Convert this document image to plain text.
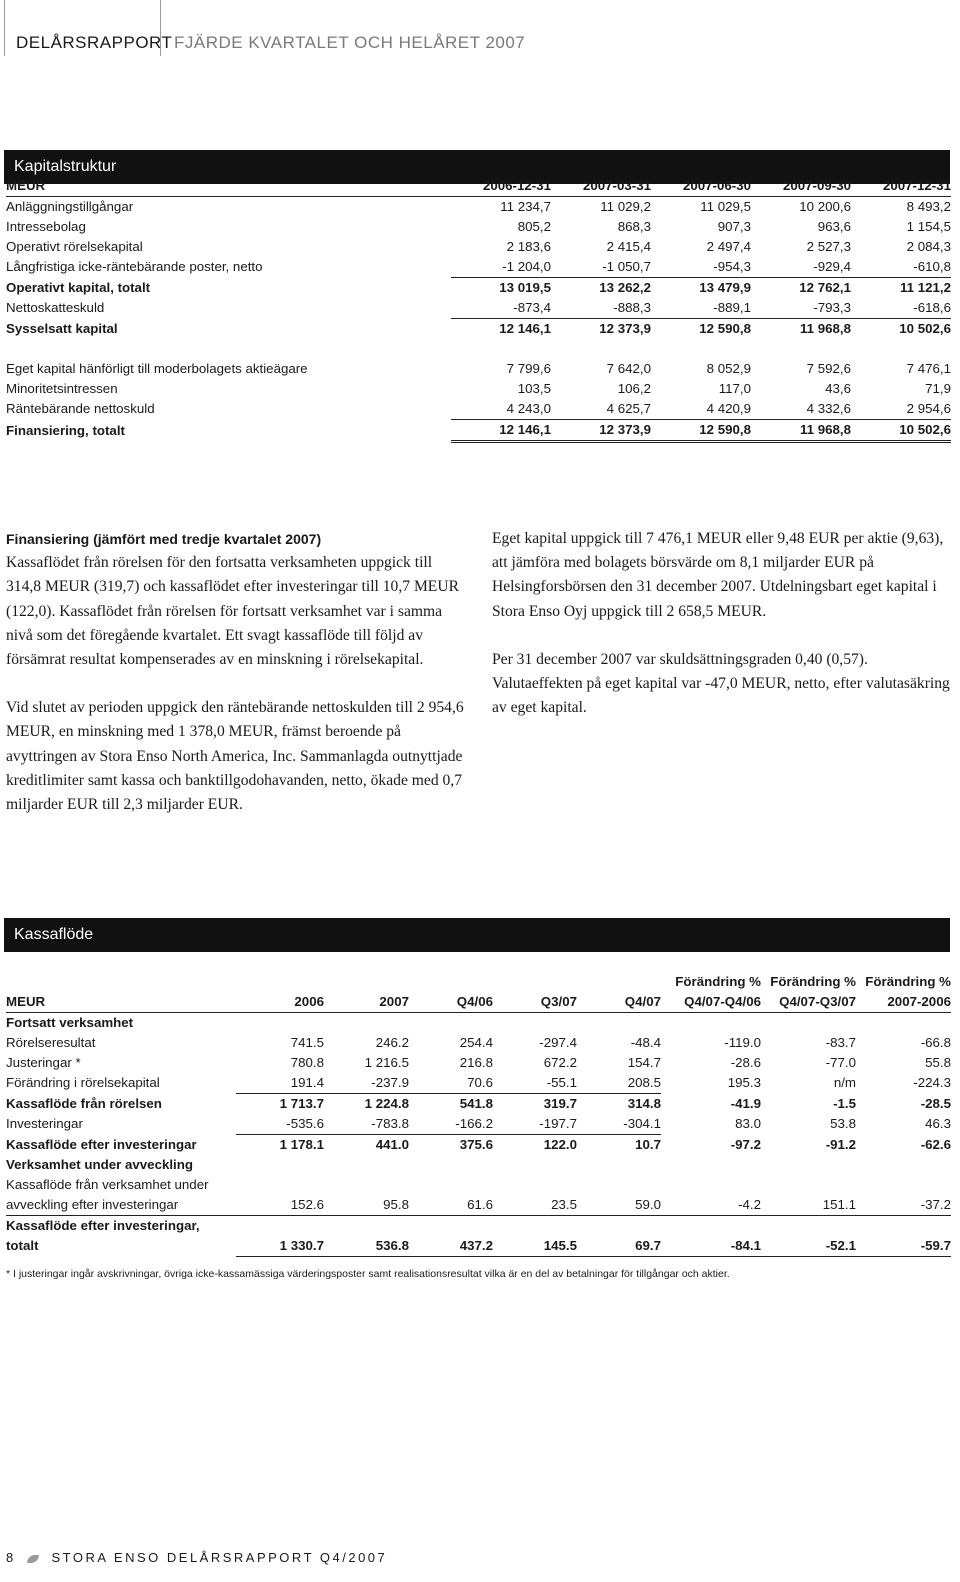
DELÅRSRAPPORT FJÄRDE KVARTALET OCH HELÅRET 2007
Kapitalstruktur
MEUR	2006-12-31	2007-03-31	2007-06-30	2007-09-30	2007-12-31
Anläggningstillgångar	11 234,7	11 029,2	11 029,5	10 200,6	8 493,2
Intressebolag	805,2	868,3	907,3	963,6	1 154,5
Operativt rörelsekapital	2 183,6	2 415,4	2 497,4	2 527,3	2 084,3
Långfristiga icke-räntebärande poster, netto	-1 204,0	-1 050,7	-954,3	-929,4	-610,8
Operativt kapital, totalt	13 019,5	13 262,2	13 479,9	12 762,1	11 121,2
Nettoskatteskuld	-873,4	-888,3	-889,1	-793,3	-618,6
Sysselsatt kapital	12 146,1	12 373,9	12 590,8	11 968,8	10 502,6

Eget kapital hänförligt till moderbolagets aktieägare	7 799,6	7 642,0	8 052,9	7 592,6	7 476,1
Minoritetsintressen	103,5	106,2	117,0	43,6	71,9
Räntebärande nettoskuld	4 243,0	4 625,7	4 420,9	4 332,6	2 954,6
Finansiering, totalt	12 146,1	12 373,9	12 590,8	11 968,8	10 502,6

Finansiering (jämfört med tredje kvartalet 2007)
Kassaflödet från rörelsen för den fortsatta verksamheten uppgick till 314,8 MEUR (319,7) och kassaflödet efter investeringar till 10,7 MEUR (122,0). Kassaflödet från rörelsen för fortsatt verksamhet var i samma nivå som det föregående kvartalet. Ett svagt kassaflöde till följd av försämrat resultat kompenserades av en minskning i rörelsekapital.

Vid slutet av perioden uppgick den räntebärande nettoskulden till 2 954,6 MEUR, en minskning med 1 378,0 MEUR, främst beroende på avyttringen av Stora Enso North America, Inc. Sammanlagda outnyttjade kreditlimiter samt kassa och banktillgodohavanden, netto, ökade med 0,7 miljarder EUR till 2,3 miljarder EUR.

Eget kapital uppgick till 7 476,1 MEUR eller 9,48 EUR per aktie (9,63), att jämföra med bolagets börsvärde om 8,1 miljarder EUR på Helsingforsbörsen den 31 december 2007. Utdelningsbart eget kapital i Stora Enso Oyj uppgick till 2 658,5 MEUR.

Per 31 december 2007 var skuldsättningsgraden 0,40 (0,57). Valutaeffekten på eget kapital var -47,0 MEUR, netto, efter valutasäkring av eget kapital.

Kassaflöde
						Förändring %	Förändring %	Förändring %
MEUR	2006	2007	Q4/06	Q3/07	Q4/07	Q4/07-Q4/06	Q4/07-Q3/07	2007-2006
Fortsatt verksamhet								
Rörelseresultat	741.5	246.2	254.4	-297.4	-48.4	-119.0	-83.7	-66.8
Justeringar *	780.8	1 216.5	216.8	672.2	154.7	-28.6	-77.0	55.8
Förändring i rörelsekapital	191.4	-237.9	70.6	-55.1	208.5	195.3	n/m	-224.3
Kassaflöde från rörelsen	1 713.7	1 224.8	541.8	319.7	314.8	-41.9	-1.5	-28.5
Investeringar	-535.6	-783.8	-166.2	-197.7	-304.1	83.0	53.8	46.3
Kassaflöde efter investeringar	1 178.1	441.0	375.6	122.0	10.7	-97.2	-91.2	-62.6
Verksamhet under avveckling								
Kassaflöde från verksamhet under								
avveckling efter investeringar	152.6	95.8	61.6	23.5	59.0	-4.2	151.1	-37.2
Kassaflöde efter investeringar,								
totalt	1 330.7	536.8	437.2	145.5	69.7	-84.1	-52.1	-59.7
* I justeringar ingår avskrivningar, övriga icke-kassamässiga värderingsposter samt realisationsresultat vilka är en del av betalningar för tillgångar och aktier.
8	STORA ENSO DELÅRSRAPPORT Q4/2007
